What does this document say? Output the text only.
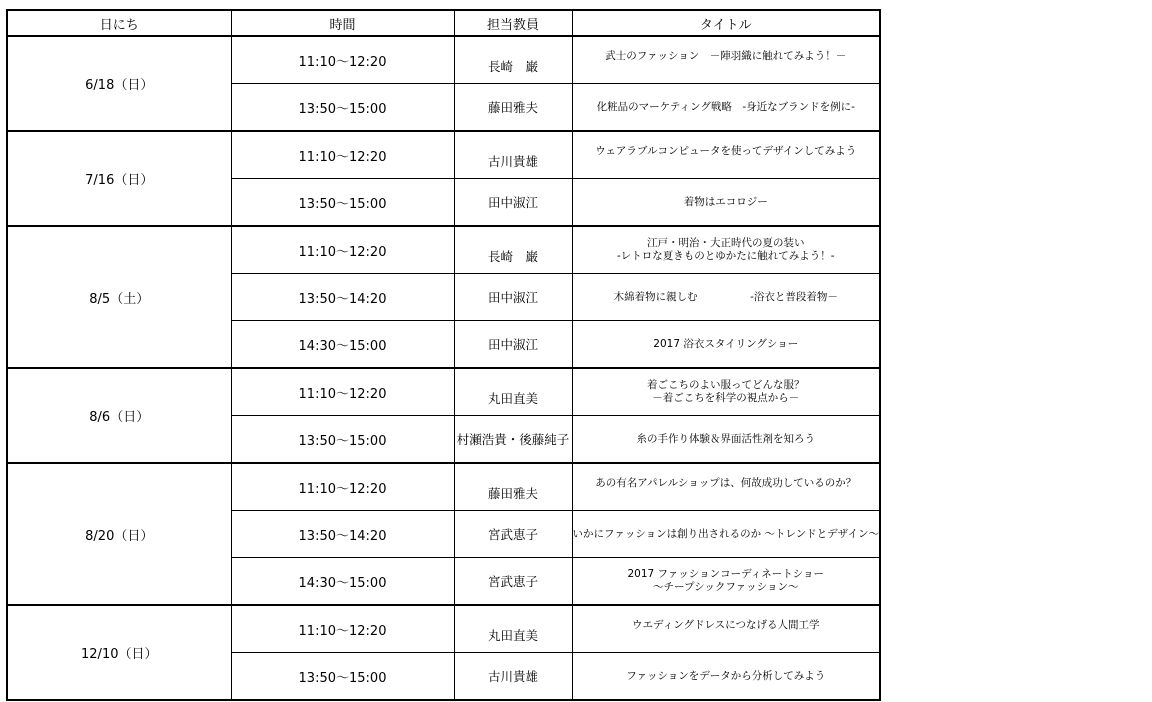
日にち	時間	担当教員	タイトル
6/18（日）	11:10～12:20	長崎　巌	武士のファッション　－陣羽織に触れてみよう！－

	13:50～15:00	藤田雅夫	化粧品のマーケティング戦略　-身近なブランドを例に-

7/16（日）	11:10～12:20	古川貴雄	ウェアラブルコンピュータを使ってデザインしてみよう

	13:50～15:00	田中淑江	着物はエコロジー

8/5（土）	11:10～12:20	長崎　巌	江戸・明治・大正時代の夏の装い
-レトロな夏きものとゆかたに触れてみよう！-

	13:50～14:20	田中淑江	木綿着物に親しむ　　　　　-浴衣と普段着物－

	14:30～15:00	田中淑江	2017 浴衣スタイリングショー

8/6（日）	11:10～12:20	丸田直美	着ごこちのよい服ってどんな服？
－着ごこちを科学の視点から－

	13:50～15:00	村瀬浩貴・後藤純子	糸の手作り体験＆界面活性剤を知ろう

8/20（日）	11:10～12:20	藤田雅夫	あの有名アパレルショップは、何故成功しているのか？

	13:50～14:20	宮武恵子	いかにファッションは創り出されるのか ～トレンドとデザイン～

	14:30～15:00	宮武恵子	2017 ファッションコーディネートショー
～チープシックファッション～

12/10（日）	11:10～12:20	丸田直美	ウエディングドレスにつなげる人間工学

	13:50～15:00	古川貴雄	ファッションをデータから分析してみよう
